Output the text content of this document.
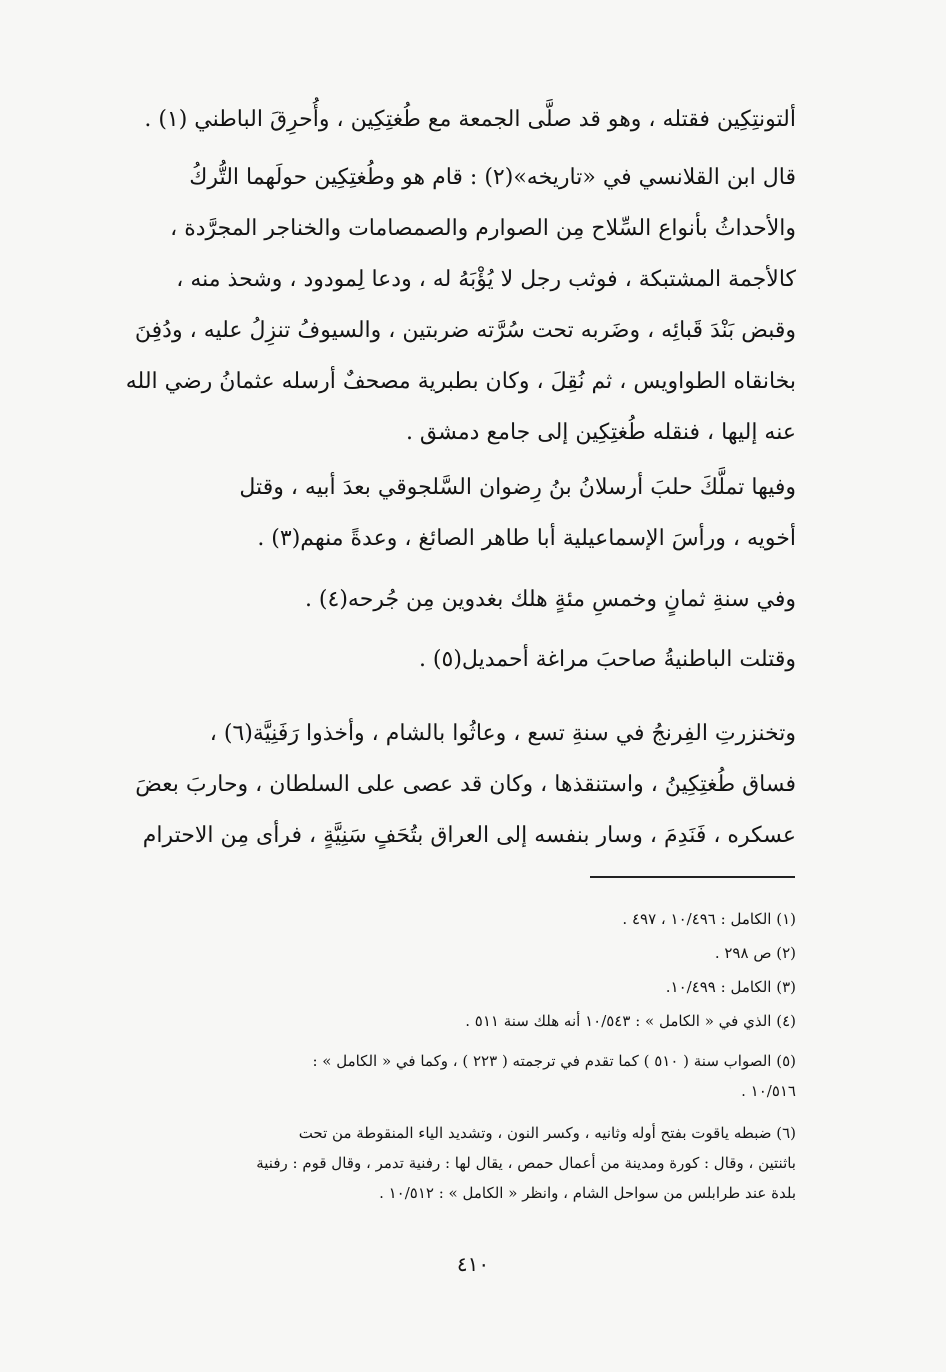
ألتونتِكِين فقتله ، وهو قد صلَّى الجمعة مع طُغتِكِين ، وأُحرِقَ الباطني (١) .
قال ابن القلانسي في «تاريخه»(٢) : قام هو وطُغتِكِين حولَهما التُّركُ
والأحداثُ بأنواع السِّلاح مِن الصوارم والصمصامات والخناجر المجرَّدة ،
كالأجمة المشتبكة ، فوثب رجل لا يُؤْبَهُ له ، ودعا لِمودود ، وشحذ منه ،
وقبض بَنْدَ قَبائِه ، وضَربه تحت سُرَّته ضربتين ، والسيوفُ تنزِلُ عليه ، ودُفِنَ
بخانقاه الطواويس ، ثم نُقِلَ ، وكان بطبرية مصحفٌ أرسله عثمانُ رضي الله
عنه إليها ، فنقله طُغتِكِين إلى جامع دمشق .
وفيها تملَّكَ حلبَ أرسلانُ بنُ رِضوان السَّلجوقي بعدَ أبيه ، وقتل
أخويه ، ورأسَ الإسماعيلية أبا طاهر الصائغ ، وعدةً منهم(٣) .
وفي سنةِ ثمانٍ وخمسِ مئةٍ هلك بغدوين مِن جُرحه(٤) .
وقتلت الباطنيةُ صاحبَ مراغة أحمديل(٥) .
وتخنزرتِ الفِرنجُ في سنةِ تسع ، وعاثُوا بالشام ، وأخذوا رَفَنِيَّة(٦) ،
فساق طُغتِكِينُ ، واستنقذها ، وكان قد عصى على السلطان ، وحاربَ بعضَ
عسكره ، فَنَدِمَ ، وسار بنفسه إلى العراق بتُحَفٍ سَنِيَّةٍ ، فرأى مِن الاحترام
(١) الكامل : ١٠/٤٩٦ ، ٤٩٧ .
(٢) ص ٢٩٨ .
(٣) الكامل : ١٠/٤٩٩.
(٤) الذي في « الكامل » : ١٠/٥٤٣ أنه هلك سنة ٥١١ .
(٥) الصواب سنة ( ٥١٠ ) كما تقدم في ترجمته ( ٢٢٣ ) ، وكما في « الكامل » :
١٠/٥١٦ .
(٦) ضبطه ياقوت بفتح أوله وثانيه ، وكسر النون ، وتشديد الياء المنقوطة من تحت
باثنتين ، وقال : كورة ومدينة من أعمال حمص ، يقال لها : رفنية تدمر ، وقال قوم : رفنية
بلدة عند طرابلس من سواحل الشام ، وانظر « الكامل » : ١٠/٥١٢ .
٤١٠
